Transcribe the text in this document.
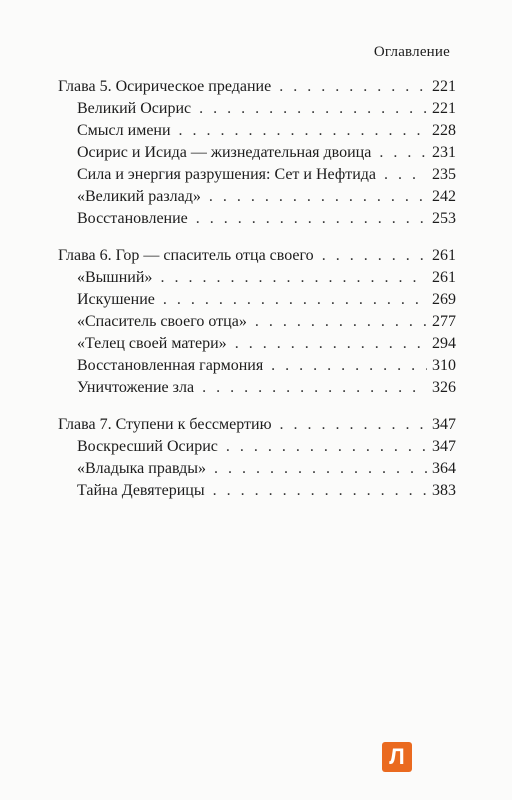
Оглавление
Глава 5. Осирическое предание . . .	221
Великий Осирис . . .	221
Смысл имени . . .	228
Осирис и Исида — жизнедательная двоица . . .	231
Сила и энергия разрушения: Сет и Нефтида . . .	235
«Великий разлад» . . .	242
Восстановление . . .	253
Глава 6. Гор — спаситель отца своего . . .	261
«Вышний» . . .	261
Искушение . . .	269
«Спаситель своего отца» . . .	277
«Телец своей матери» . . .	294
Восстановленная гармония . . .	310
Уничтожение зла . . .	326
Глава 7. Ступени к бессмертию . . .	347
Воскресший Осирис . . .	347
«Владыка правды» . . .	364
Тайна Девятерицы . . .	383
Л
